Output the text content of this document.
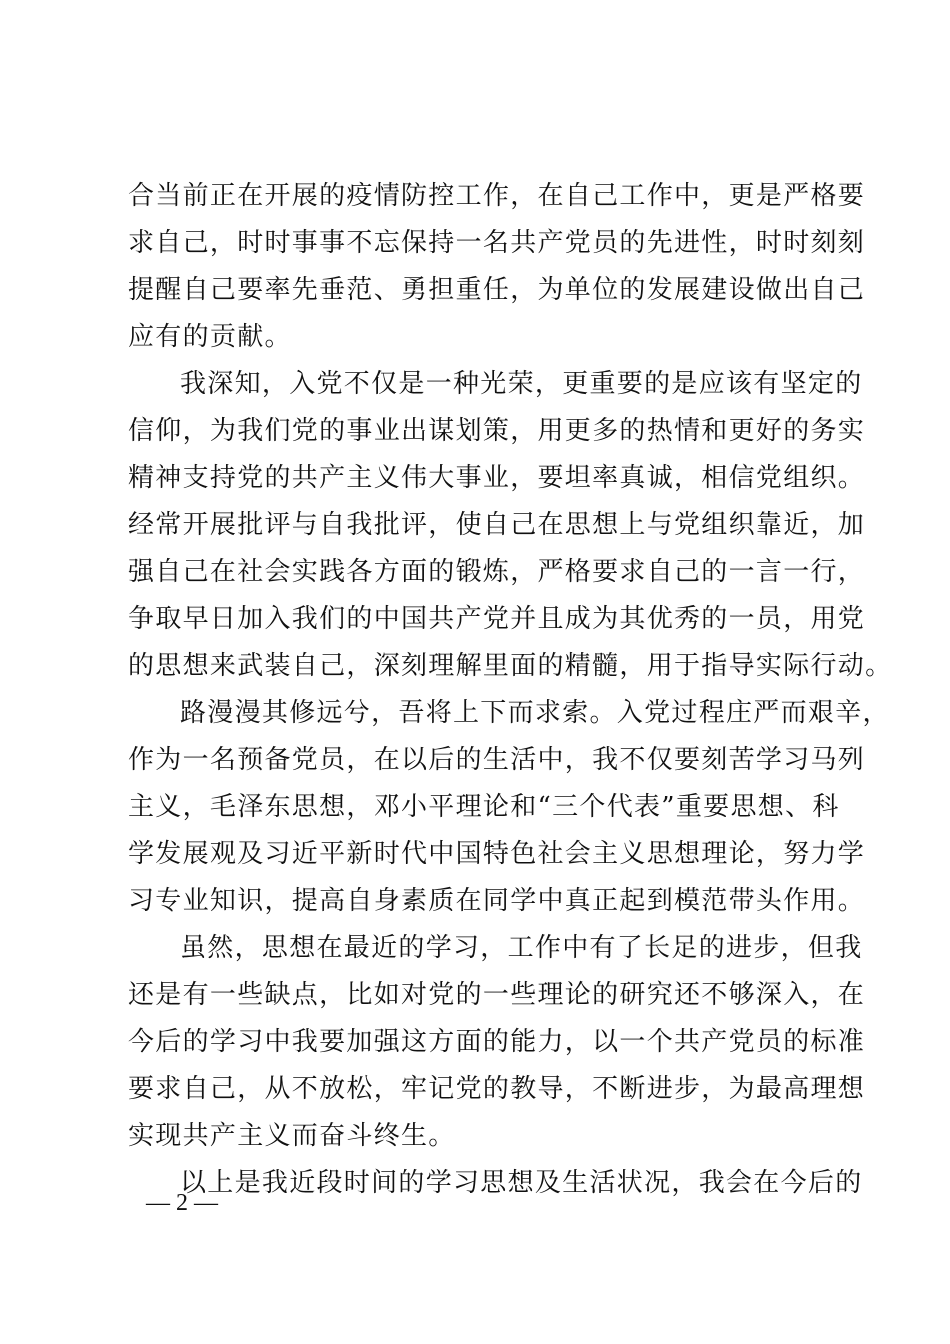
合当前正在开展的疫情防控工作，在自己工作中，更是严格要
求自己，时时事事不忘保持一名共产党员的先进性，时时刻刻
提醒自己要率先垂范、勇担重任，为单位的发展建设做出自己
应有的贡献。
我深知，入党不仅是一种光荣，更重要的是应该有坚定的
信仰，为我们党的事业出谋划策，用更多的热情和更好的务实
精神支持党的共产主义伟大事业，要坦率真诚，相信党组织。
经常开展批评与自我批评，使自己在思想上与党组织靠近，加
强自己在社会实践各方面的锻炼，严格要求自己的一言一行，
争取早日加入我们的中国共产党并且成为其优秀的一员，用党
的思想来武装自己，深刻理解里面的精髓，用于指导实际行动。
路漫漫其修远兮，吾将上下而求索。入党过程庄严而艰辛，
作为一名预备党员，在以后的生活中，我不仅要刻苦学习马列
主义，毛泽东思想，邓小平理论和“三个代表”重要思想、科
学发展观及习近平新时代中国特色社会主义思想理论，努力学
习专业知识，提高自身素质在同学中真正起到模范带头作用。
虽然，思想在最近的学习，工作中有了长足的进步，但我
还是有一些缺点，比如对党的一些理论的研究还不够深入，在
今后的学习中我要加强这方面的能力，以一个共产党员的标准
要求自己，从不放松，牢记党的教导，不断进步，为最高理想
实现共产主义而奋斗终生。
以上是我近段时间的学习思想及生活状况，我会在今后的
— 2 —
